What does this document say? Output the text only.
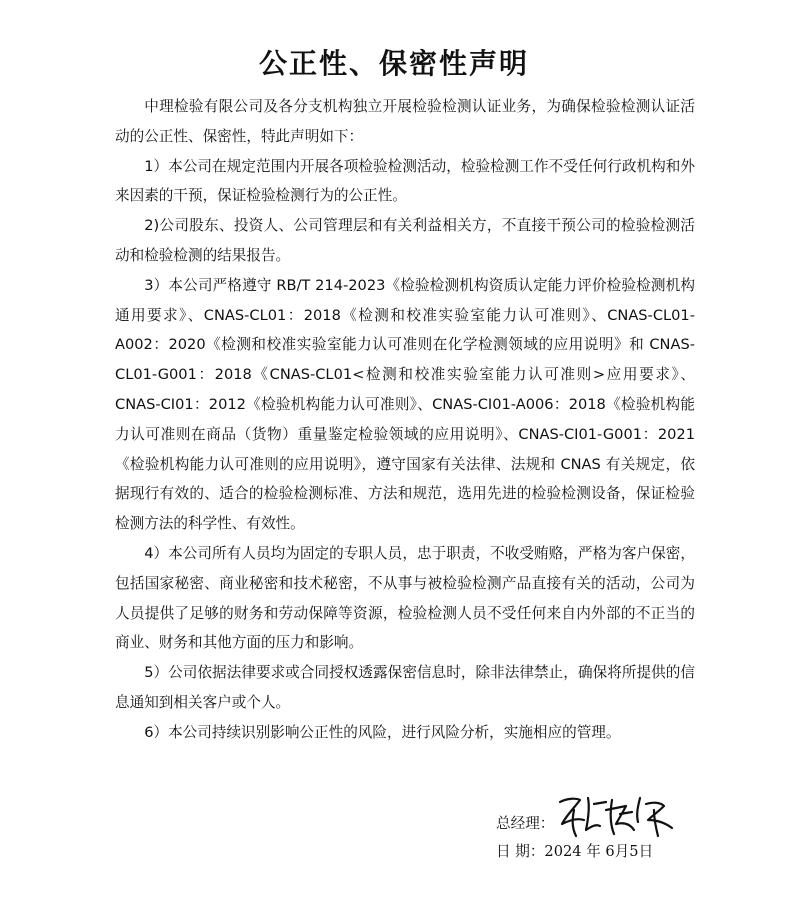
公正性、保密性声明

中理检验有限公司及各分支机构独立开展检验检测认证业务，为确保检验检测认证活动的公正性、保密性，特此声明如下：

1）本公司在规定范围内开展各项检验检测活动，检验检测工作不受任何行政机构和外来因素的干预，保证检验检测行为的公正性。

2)公司股东、投资人、公司管理层和有关利益相关方，不直接干预公司的检验检测活动和检验检测的结果报告。

3）本公司严格遵守 RB/T 214-2023《检验检测机构资质认定能力评价检验检测机构通用要求》、CNAS-CL01：2018《检测和校准实验室能力认可准则》、CNAS-CL01-A002：2020《检测和校准实验室能力认可准则在化学检测领域的应用说明》和 CNAS-CL01-G001：2018《CNAS-CL01<检测和校准实验室能力认可准则>应用要求》、CNAS-CI01：2012《检验机构能力认可准则》、CNAS-CI01-A006：2018《检验机构能力认可准则在商品（货物）重量鉴定检验领域的应用说明》、CNAS-CI01-G001：2021《检验机构能力认可准则的应用说明》，遵守国家有关法律、法规和 CNAS 有关规定，依据现行有效的、适合的检验检测标准、方法和规范，选用先进的检验检测设备，保证检验检测方法的科学性、有效性。

4）本公司所有人员均为固定的专职人员，忠于职责，不收受贿赂，严格为客户保密，包括国家秘密、商业秘密和技术秘密，不从事与被检验检测产品直接有关的活动，公司为人员提供了足够的财务和劳动保障等资源，检验检测人员不受任何来自内外部的不正当的商业、财务和其他方面的压力和影响。

5）公司依据法律要求或合同授权透露保密信息时，除非法律禁止，确保将所提供的信息通知到相关客户或个人。

6）本公司持续识别影响公正性的风险，进行风险分析，实施相应的管理。

总经理：
日 期：2024 年 6月5日
